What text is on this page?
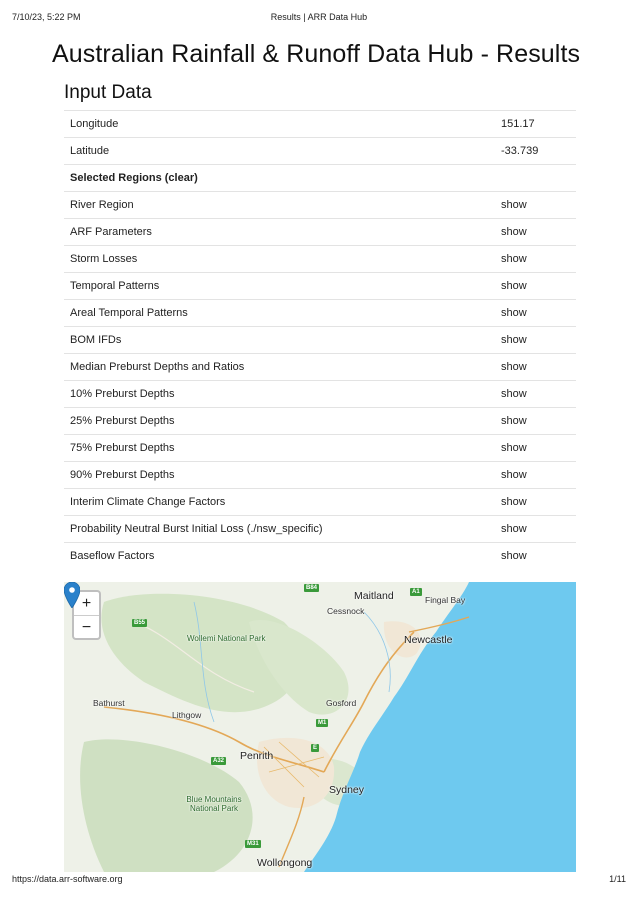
7/10/23, 5:22 PM	Results | ARR Data Hub
Australian Rainfall & Runoff Data Hub - Results
Input Data
Longitude	151.17
Latitude	-33.739
Selected Regions (clear)	
River Region	show
ARF Parameters	show
Storm Losses	show
Temporal Patterns	show
Areal Temporal Patterns	show
BOM IFDs	show
Median Preburst Depths and Ratios	show
10% Preburst Depths	show
25% Preburst Depths	show
75% Preburst Depths	show
90% Preburst Depths	show
Interim Climate Change Factors	show
Probability Neutral Burst Initial Loss (./nsw_specific)	show
Baseflow Factors	show
+
−
B84
A1
B55
M1
A32
M31
E
Maitland
Cessnock
Fingal Bay
Newcastle
Wollemi National Park
Bathurst
Lithgow
Gosford
Penrith
Sydney
Blue Mountains National Park
Wollongong
https://data.arr-software.org	1/11
